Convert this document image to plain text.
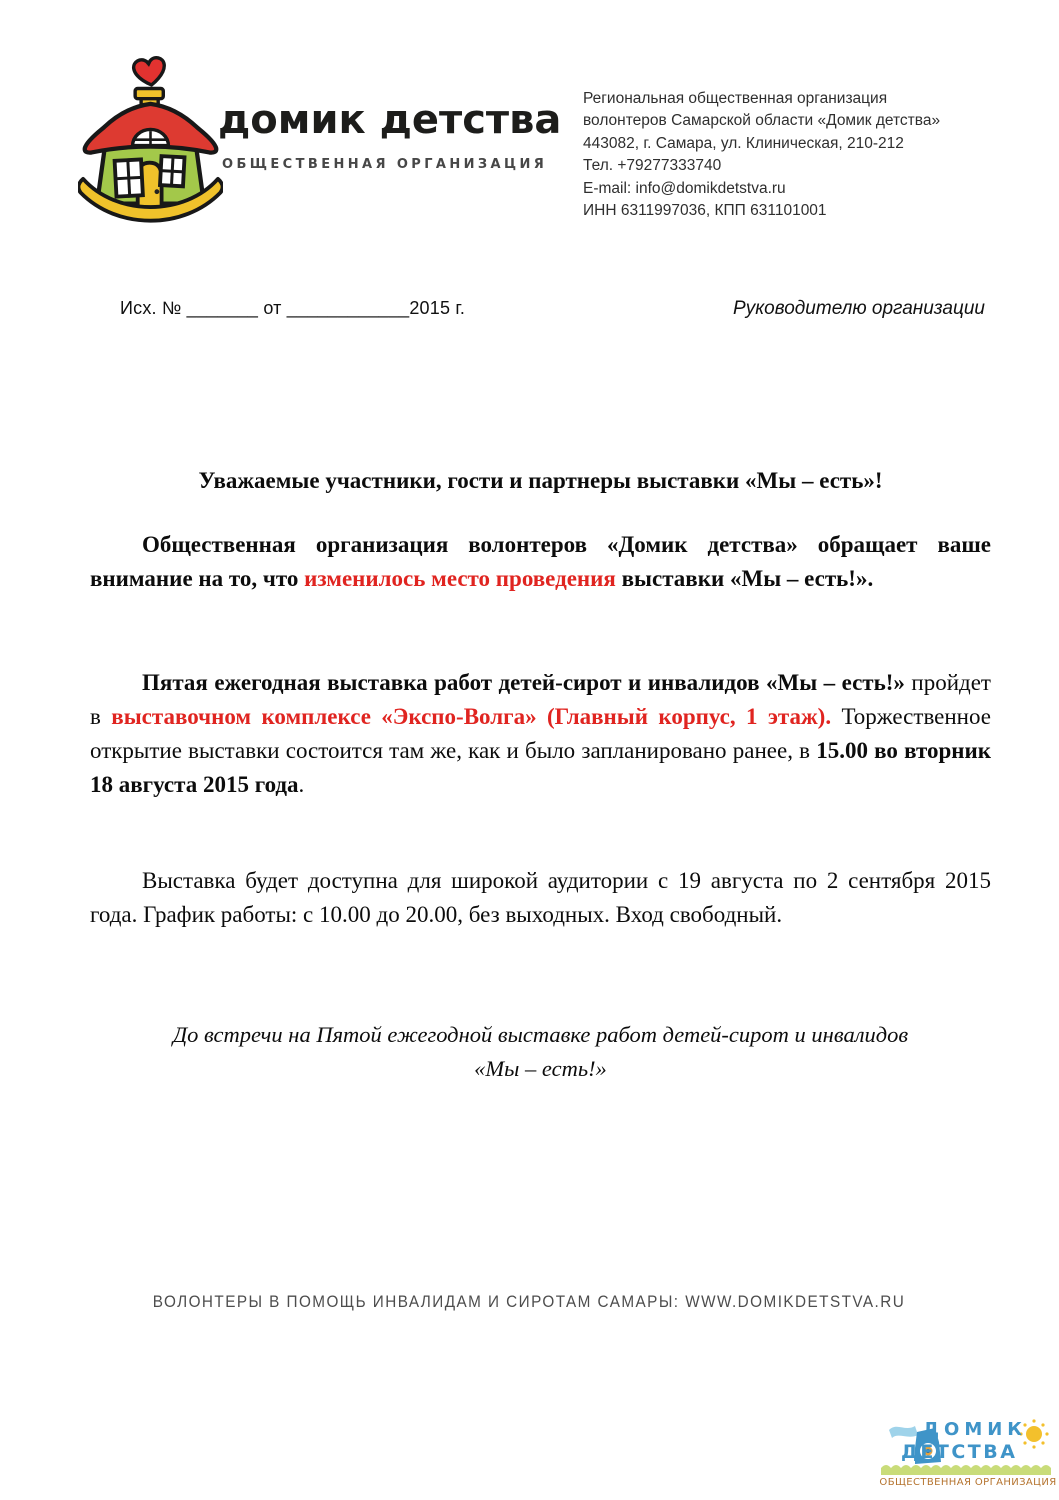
домик детства
ОБЩЕСТВЕННАЯ ОРГАНИЗАЦИЯ
Региональная общественная организация
волонтеров Самарской области «Домик детства»
443082, г. Самара, ул. Клиническая, 210-212
Тел. +79277333740
E-mail: info@domikdetstva.ru
ИНН 6311997036, КПП 631101001
Исх. № _______ от ____________2015 г.	Руководителю организации
Уважаемые участники, гости и партнеры выставки «Мы – есть»!
Общественная организация волонтеров «Домик детства» обращает ваше внимание на то, что изменилось место проведения выставки «Мы – есть!».
Пятая ежегодная выставка работ детей-сирот и инвалидов «Мы – есть!» пройдет в выставочном комплексе «Экспо-Волга» (Главный корпус, 1 этаж). Торжественное открытие выставки состоится там же, как и было запланировано ранее, в 15.00 во вторник 18 августа 2015 года.
Выставка будет доступна для широкой аудитории с 19 августа по 2 сентября 2015 года. График работы: с 10.00 до 20.00, без выходных. Вход свободный.
До встречи на Пятой ежегодной выставке работ детей-сирот и инвалидов
«Мы – есть!»
ВОЛОНТЕРЫ В ПОМОЩЬ ИНВАЛИДАМ И СИРОТАМ САМАРЫ: WWW.DOMIKDETSTVA.RU
ДОМИК
ДЕТСТВА
ОБЩЕСТВЕННАЯ ОРГАНИЗАЦИЯ
